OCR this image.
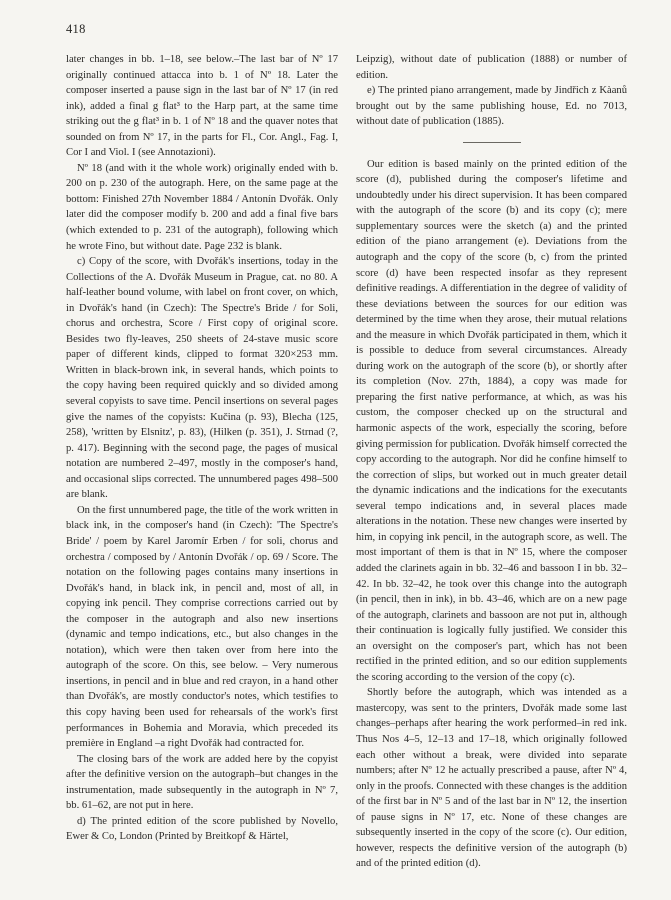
418

later changes in bb. 1–18, see below.–The last bar of Nº 17 originally continued attacca into b. 1 of Nº 18. Later the composer inserted a pause sign in the last bar of Nº 17 (in red ink), added a final g flat³ to the Harp part, at the same time striking out the g flat³ in b. 1 of Nº 18 and the quaver notes that sounded on from Nº 17, in the parts for Fl., Cor. Angl., Fag. I, Cor I and Viol. I (see Annotazioni).

Nº 18 (and with it the whole work) originally ended with b. 200 on p. 230 of the autograph. Here, on the same page at the bottom: Finished 27th November 1884 / Antonín Dvořák. Only later did the composer modify b. 200 and add a final five bars (which extended to p. 231 of the autograph), following which he wrote Fino, but without date. Page 232 is blank.

c) Copy of the score, with Dvořák's insertions, today in the Collections of the A. Dvořák Museum in Prague, cat. no 80. A half-leather bound volume, with label on front cover, on which, in Dvořák's hand (in Czech): The Spectre's Bride / for Soli, chorus and orchestra, Score / First copy of original score. Besides two fly-leaves, 250 sheets of 24-stave music score paper of different kinds, clipped to format 320×253 mm. Written in black-brown ink, in several hands, which points to the copy having been required quickly and so divided among several copyists to save time. Pencil insertions on several pages give the names of the copyists: Kučina (p. 93), Blecha (125, 258), 'written by Elsnitz', p. 83), (Hilken (p. 351), J. Strnad (?, p. 417). Beginning with the second page, the pages of musical notation are numbered 2–497, mostly in the composer's hand, and occasional slips corrected. The unnumbered pages 498–500 are blank.

On the first unnumbered page, the title of the work written in black ink, in the composer's hand (in Czech): 'The Spectre's Bride' / poem by Karel Jaromír Erben / for soli, chorus and orchestra / composed by / Antonín Dvořák / op. 69 / Score. The notation on the following pages contains many insertions in Dvořák's hand, in black ink, in pencil and, most of all, in copying ink pencil. They comprise corrections carried out by the composer in the autograph and also new insertions (dynamic and tempo indications, etc., but also changes in the notation), which were then taken over from here into the autograph of the score. On this, see below. – Very numerous insertions, in pencil and in blue and red crayon, in a hand other than Dvořák's, are mostly conductor's notes, which testifies to this copy having been used for rehearsals of the work's first performances in Bohemia and Moravia, which preceded its première in England –a right Dvořák had contracted for.

The closing bars of the work are added here by the copyist after the definitive version on the autograph–but changes in the instrumentation, made subsequently in the autograph in Nº 7, bb. 61–62, are not put in here.

d) The printed edition of the score published by Novello, Ewer & Co, London (Printed by Breitkopf & Härtel,

Leipzig), without date of publication (1888) or number of edition.

e) The printed piano arrangement, made by Jindřich z Kàanů brought out by the same publishing house, Ed. no 7013, without date of publication (1885).

Our edition is based mainly on the printed edition of the score (d), published during the composer's lifetime and undoubtedly under his direct supervision. It has been compared with the autograph of the score (b) and its copy (c); mere supplementary sources were the sketch (a) and the printed edition of the piano arrangement (e). Deviations from the autograph and the copy of the score (b, c) from the printed score (d) have been respected insofar as they represent definitive readings. A differentiation in the degree of validity of these deviations between the sources for our edition was determined by the time when they arose, their mutual relations and the measure in which Dvořák participated in them, which it is possible to deduce from several circumstances. Already during work on the autograph of the score (b), or shortly after its completion (Nov. 27th, 1884), a copy was made for preparing the first native performance, at which, as was his custom, the composer checked up on the structural and harmonic aspects of the work, especially the scoring, before giving permission for publication. Dvořák himself corrected the copy according to the autograph. Nor did he confine himself to the correction of slips, but worked out in much greater detail the dynamic indications and the indications for the executants several tempo indications and, in several places made alterations in the notation. These new changes were inserted by him, in copying ink pencil, in the autograph score, as well. The most important of them is that in Nº 15, where the composer added the clarinets again in bb. 32–46 and bassoon I in bb. 32–42. In bb. 32–42, he took over this change into the autograph (in pencil, then in ink), in bb. 43–46, which are on a new page of the autograph, clarinets and bassoon are not put in, although their continuation is logically fully justified. We consider this an oversight on the composer's part, which has not been rectified in the printed edition, and so our edition supplements the scoring according to the version of the copy (c).

Shortly before the autograph, which was intended as a mastercopy, was sent to the printers, Dvořák made some last changes–perhaps after hearing the work performed–in red ink. Thus Nos 4–5, 12–13 and 17–18, which originally followed each other without a break, were divided into separate numbers; after Nº 12 he actually prescribed a pause, after Nº 4, only in the proofs. Connected with these changes is the addition of the first bar in Nº 5 and of the last bar in Nº 12, the insertion of pause signs in Nº 17, etc. None of these changes are subsequently inserted in the copy of the score (c). Our edition, however, respects the definitive version of the autograph (b) and of the printed edition (d).
